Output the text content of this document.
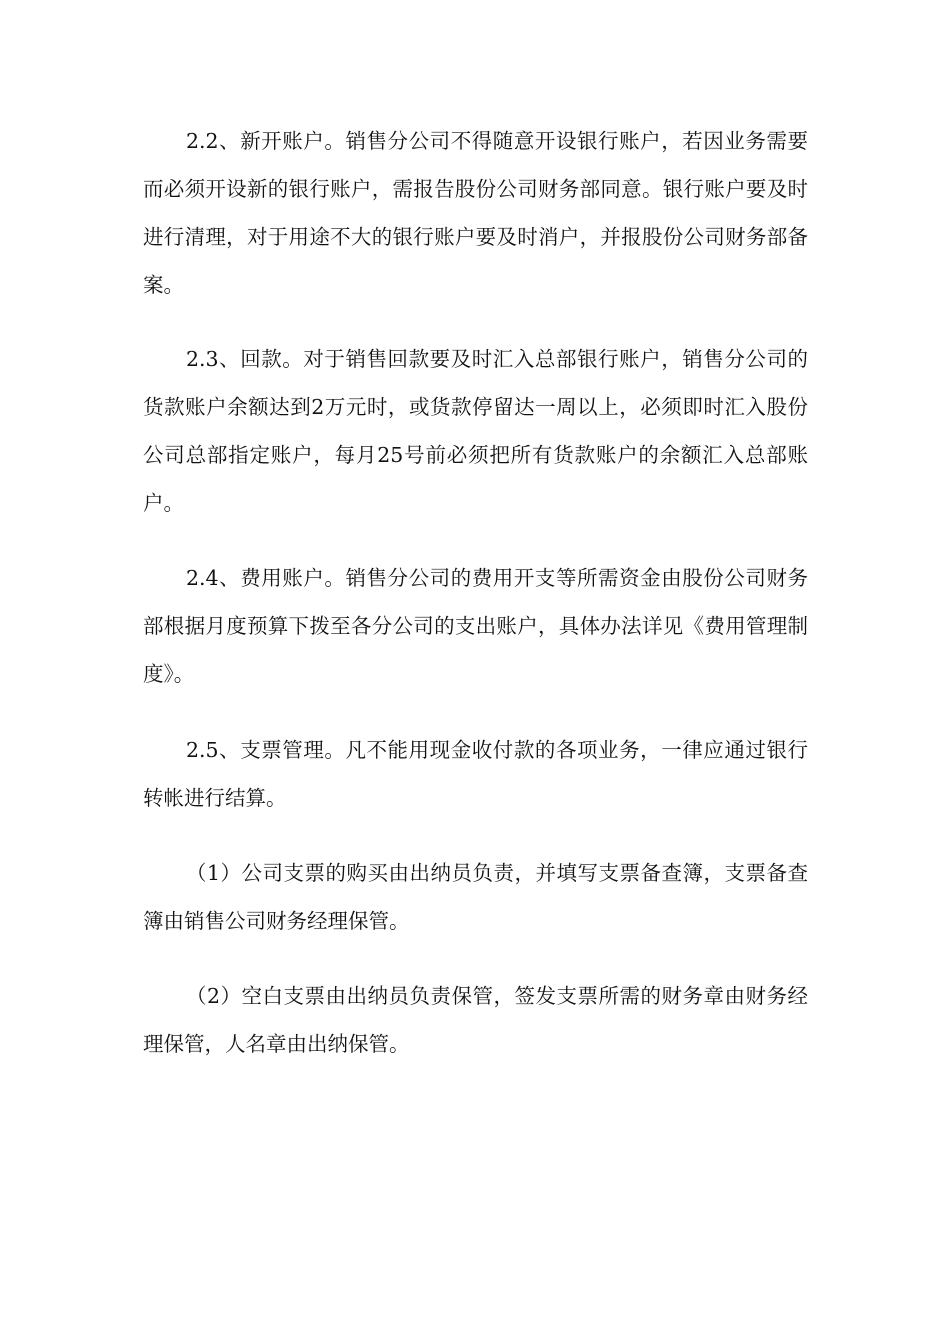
2.2、新开账户。销售分公司不得随意开设银行账户，若因业务需要而必须开设新的银行账户，需报告股份公司财务部同意。银行账户要及时进行清理，对于用途不大的银行账户要及时消户，并报股份公司财务部备案。

2.3、回款。对于销售回款要及时汇入总部银行账户，销售分公司的货款账户余额达到2万元时，或货款停留达一周以上，必须即时汇入股份公司总部指定账户，每月25号前必须把所有货款账户的余额汇入总部账户。

2.4、费用账户。销售分公司的费用开支等所需资金由股份公司财务部根据月度预算下拨至各分公司的支出账户，具体办法详见《费用管理制度》。

2.5、支票管理。凡不能用现金收付款的各项业务，一律应通过银行转帐进行结算。

（1）公司支票的购买由出纳员负责，并填写支票备查簿，支票备查簿由销售公司财务经理保管。

（2）空白支票由出纳员负责保管，签发支票所需的财务章由财务经理保管，人名章由出纳保管。
